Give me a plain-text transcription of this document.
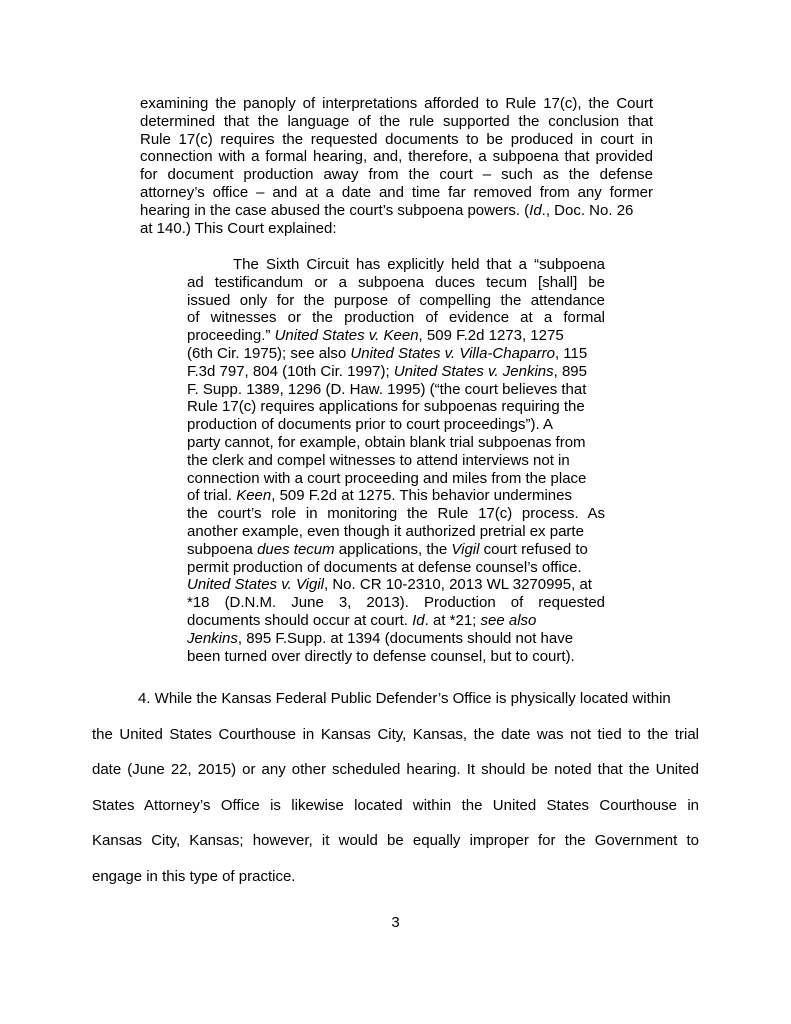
examining the panoply of interpretations afforded to Rule 17(c), the Court
determined that the language of the rule supported the conclusion that
Rule 17(c) requires the requested documents to be produced in court in
connection with a formal hearing, and, therefore, a subpoena that provided
for document production away from the court – such as the defense
attorney’s office – and at a date and time far removed from any former
hearing in the case abused the court’s subpoena powers. (Id., Doc. No. 26
at 140.) This Court explained:
The Sixth Circuit has explicitly held that a “subpoena
ad testificandum or a subpoena duces tecum [shall] be
issued only for the purpose of compelling the attendance
of witnesses or the production of evidence at a formal
proceeding.” United States v. Keen, 509 F.2d 1273, 1275
(6th Cir. 1975); see also United States v. Villa-Chaparro, 115
F.3d 797, 804 (10th Cir. 1997); United States v. Jenkins, 895
F. Supp. 1389, 1296 (D. Haw. 1995) (“the court believes that
Rule 17(c) requires applications for subpoenas requiring the
production of documents prior to court proceedings”). A
party cannot, for example, obtain blank trial subpoenas from
the clerk and compel witnesses to attend interviews not in
connection with a court proceeding and miles from the place
of trial. Keen, 509 F.2d at 1275. This behavior undermines
the court’s role in monitoring the Rule 17(c) process. As
another example, even though it authorized pretrial ex parte
subpoena dues tecum applications, the Vigil court refused to
permit production of documents at defense counsel’s office.
United States v. Vigil, No. CR 10-2310, 2013 WL 3270995, at
*18 (D.N.M. June 3, 2013). Production of requested
documents should occur at court. Id. at *21; see also
Jenkins, 895 F.Supp. at 1394 (documents should not have
been turned over directly to defense counsel, but to court).
4. While the Kansas Federal Public Defender’s Office is physically located within
the United States Courthouse in Kansas City, Kansas, the date was not tied to the trial
date (June 22, 2015) or any other scheduled hearing. It should be noted that the United
States Attorney’s Office is likewise located within the United States Courthouse in
Kansas City, Kansas; however, it would be equally improper for the Government to
engage in this type of practice.
3
